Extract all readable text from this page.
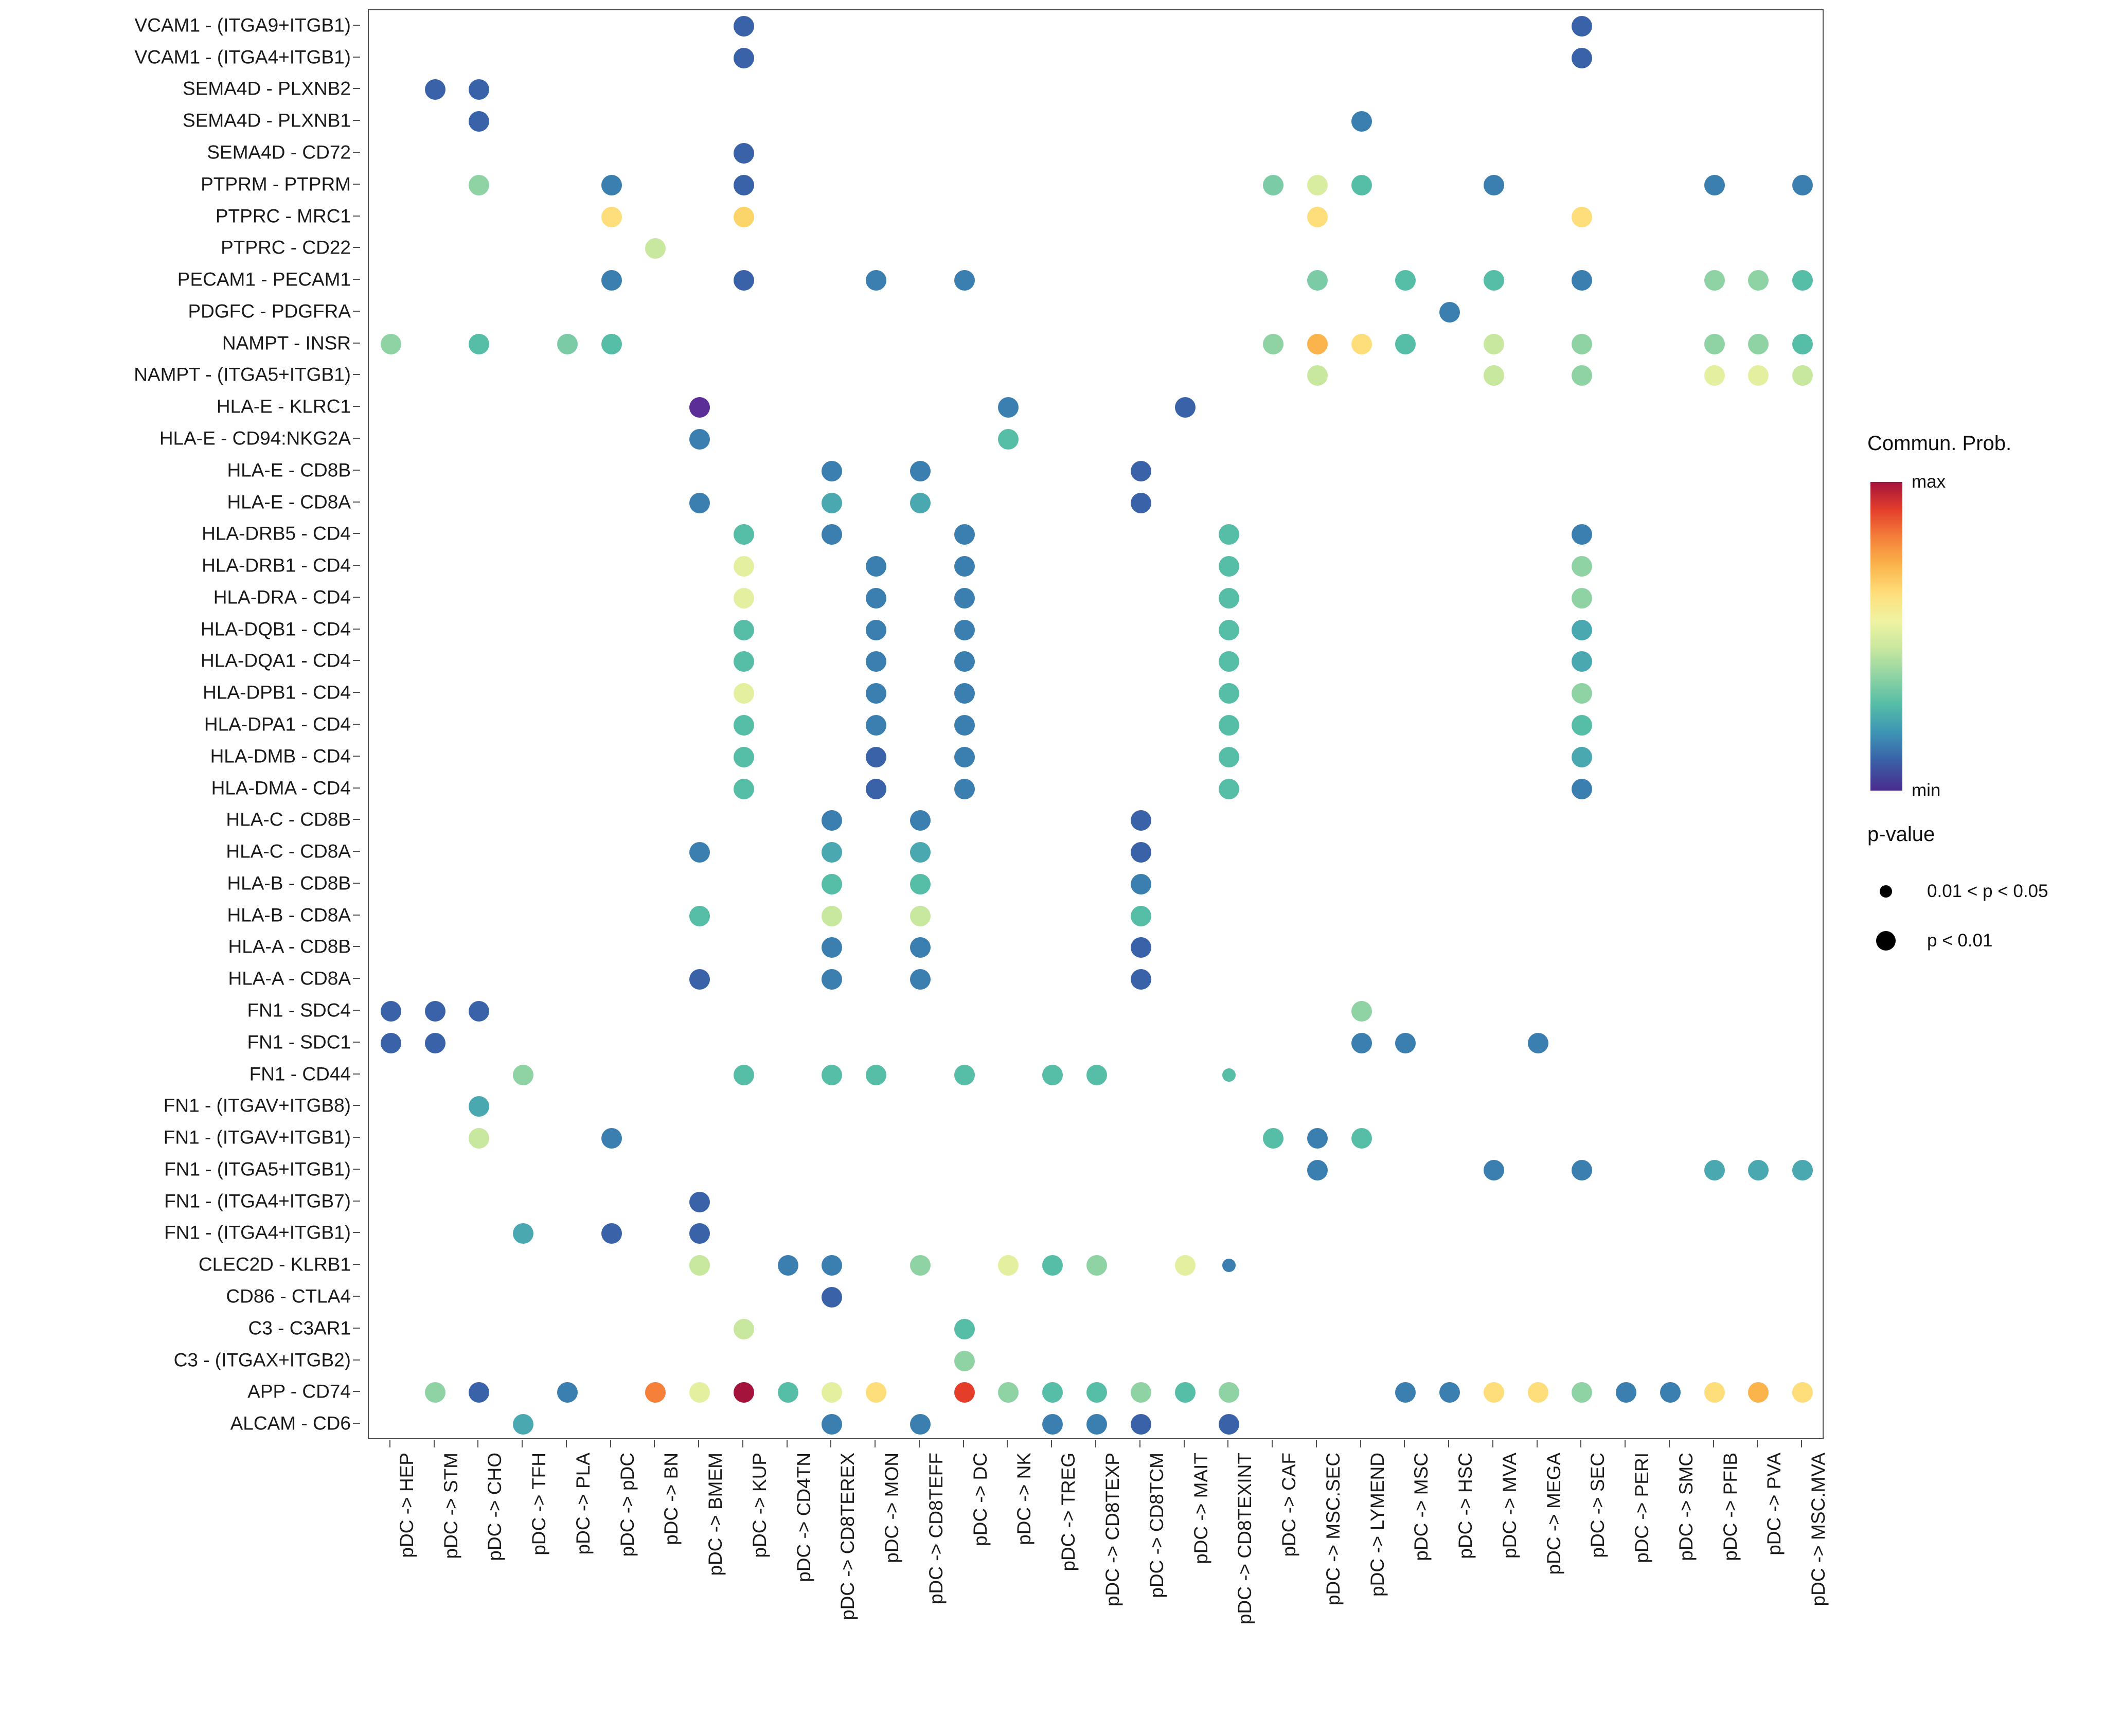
VCAM1 - (ITGA9+ITGB1)
VCAM1 - (ITGA4+ITGB1)
SEMA4D - PLXNB2
SEMA4D - PLXNB1
SEMA4D - CD72
PTPRM - PTPRM
PTPRC - MRC1
PTPRC - CD22
PECAM1 - PECAM1
PDGFC - PDGFRA
NAMPT - INSR
NAMPT - (ITGA5+ITGB1)
HLA-E - KLRC1
HLA-E - CD94:NKG2A
HLA-E - CD8B
HLA-E - CD8A
HLA-DRB5 - CD4
HLA-DRB1 - CD4
HLA-DRA - CD4
HLA-DQB1 - CD4
HLA-DQA1 - CD4
HLA-DPB1 - CD4
HLA-DPA1 - CD4
HLA-DMB - CD4
HLA-DMA - CD4
HLA-C - CD8B
HLA-C - CD8A
HLA-B - CD8B
HLA-B - CD8A
HLA-A - CD8B
HLA-A - CD8A
FN1 - SDC4
FN1 - SDC1
FN1 - CD44
FN1 - (ITGAV+ITGB8)
FN1 - (ITGAV+ITGB1)
FN1 - (ITGA5+ITGB1)
FN1 - (ITGA4+ITGB7)
FN1 - (ITGA4+ITGB1)
CLEC2D - KLRB1
CD86 - CTLA4
C3 - C3AR1
C3 - (ITGAX+ITGB2)
APP - CD74
ALCAM - CD6
pDC -> HEP pDC -> STM pDC -> CHO pDC -> TFH pDC -> PLA pDC -> pDC pDC -> BN pDC -> BMEM pDC -> KUP pDC -> CD4TN pDC -> CD8TEREX pDC -> MON pDC -> CD8TEFF pDC -> DC pDC -> NK pDC -> TREG pDC -> CD8TEXP pDC -> CD8TCM pDC -> MAIT pDC -> CD8TEXINT pDC -> CAF pDC -> MSC.SEC pDC -> LYMEND pDC -> MSC pDC -> HSC pDC -> MVA pDC -> MEGA pDC -> SEC pDC -> PERI pDC -> SMC pDC -> PFIB pDC -> PVA pDC -> MSC.MVA
Commun. Prob.
max
min
p-value
0.01 < p < 0.05
p < 0.01
